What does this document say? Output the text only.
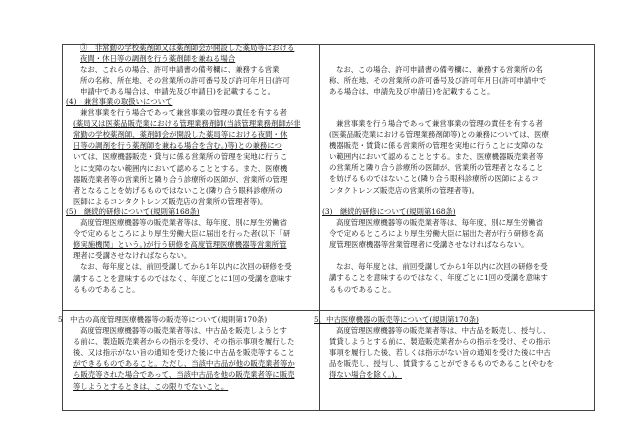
③　非常勤の学校薬剤師又は薬剤師会が開設した薬局等における
夜間・休日等の調剤を行う薬剤師を兼ねる場合
なお、これらの場合、許可申請書の備考欄に、兼務する営業
所の名称、所在地、その営業所の許可番号及び許可年月日(許可
申請中である場合は、申請先及び申請日)を記載すること。
(4)　兼営事業の取扱いについて
兼営事業を行う場合であって兼営事業の管理の責任を有する者
(薬局又は医薬品販売業における管理業務剤師(当該管理業務剤師が非
常勤の学校薬剤師、薬剤師会が開設した薬局等における夜間・休
日等の調剤を行う薬剤師を兼ねる場合を含む。)等)との兼務につ
いては、医療機器販売・貸与に係る営業所の管理を実地に行うこ
とに支障のない範囲内において認めることとする。また、医療機
器販売業者等の営業所と隣り合う診療所の医師が、営業所の管理
者となることを妨げるものではないこと(隣り合う眼科診療所の
医師によるコンタクトレンズ販売店の営業所の管理者等)。
(5)　継続的研修について(規則第168条)
高度管理医療機器等の販売業者等は、毎年度、別に厚生労働省
令で定めるところにより厚生労働大臣に届出を行った者(以下「研
修実施機関」という。)が行う研修を高度管理医療機器等営業所管
理者に受講させなければならない。
なお、毎年度とは、前回受講してから1年以内に次回の研修を受
講することを意味するのではなく、年度ごとに1回の受講を意味す
るものであること。
5　中古の高度管理医療機器等の販売等について(規則第170条)
高度管理医療機器等の販売業者等は、中古品を販売しようとす
る前に、製造販売業者からの指示を受け、その指示事項を履行した
後、又は指示がない旨の通知を受けた後に中古品を販売等すること
ができるものであること。ただし、当該中古品が他の販売業者等か
ら販売等された場合であって、当該中古品を他の販売業者等に販売
等しようとするときは、この限りでないこと。
なお、この場合、許可申請書の備考欄に、兼務する営業所の名
称、所在地、その営業所の許可番号及び許可年月日(許可申請中で
ある場合は、申請先及び申請日)を記載すること。
兼営事業を行う場合であって兼営事業の管理の責任を有する者
(医薬品販売業における管理業務剤師等)との兼務については、医療
機器販売・賃貸に係る営業所の管理を実地に行うことに支障のな
い範囲内において認めることとする。また、医療機器販売業者等
の営業所と隣り合う診療所の医師が、営業所の管理者となること
を妨げるものではないこと(隣り合う眼科診療所の医師によるコ
ンタクトレンズ販売店の営業所の管理者等)。
(3)　継続的研修について(規則第168条)
高度管理医療機器等の販売業者等は、毎年度、別に厚生労働省
令で定めるところにより厚生労働大臣に届出た者が行う研修を高
度管理医療機器等営業管理者に受講させなければならない。
なお、毎年度とは、前回受講してから1年以内に次回の研修を受
講することを意味するのではなく、年度ごとに1回の受講を意味す
るものであること。
5．中古医療機器の販売等について(規則第170条)
高度管理医療機器等の販売業者等は、中古品を販売し、授与し、
賃貸しようとする前に、製造販売業者からの指示を受け、その指示
事項を履行した後、若しくは指示がない旨の通知を受けた後に中古
品を販売し、授与し、賃貸することができるものであること(やむを
得ない場合を除く。)。
